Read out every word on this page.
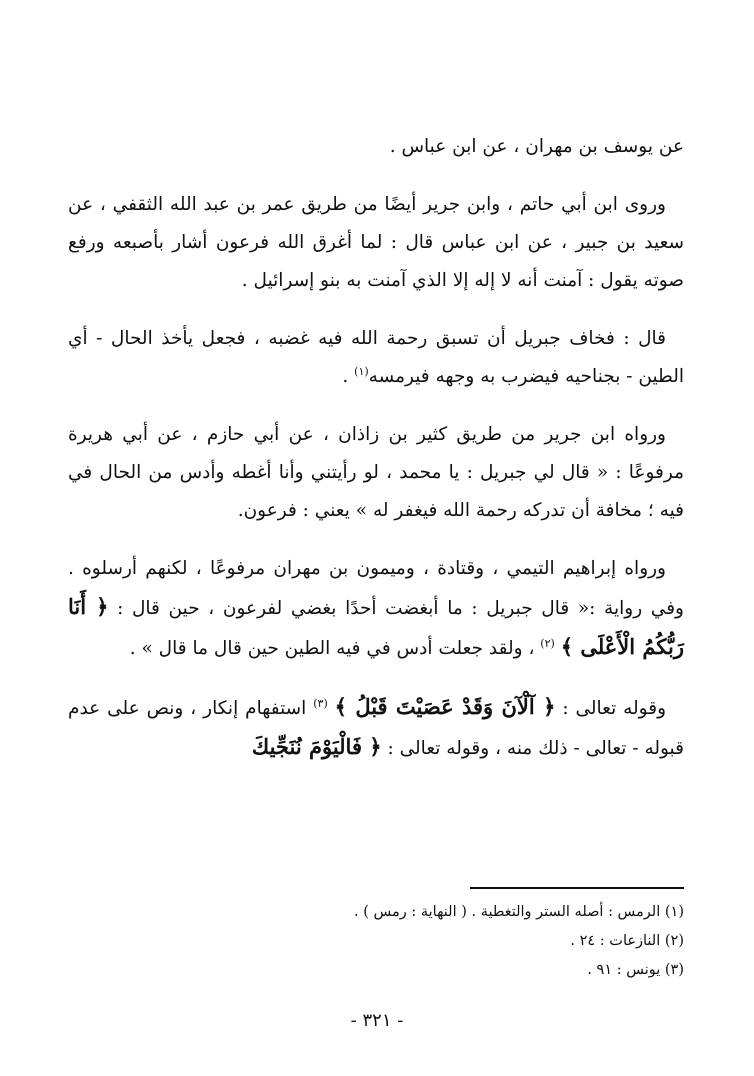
عن يوسف بن مهران ، عن ابن عباس .

وروى ابن أبي حاتم ، وابن جرير أيضًا من طريق عمر بن عبد الله الثقفي ، عن سعيد بن جبير ، عن ابن عباس قال : لما أغرق الله فرعون أشار بأصبعه ورفع صوته يقول : آمنت أنه لا إله إلا الذي آمنت به بنو إسرائيل .

قال : فخاف جبريل أن تسبق رحمة الله فيه غضبه ، فجعل يأخذ الحال - أي الطين - بجناحيه فيضرب به وجهه فيرمسه$^{(١)}$ .

ورواه ابن جرير من طريق كثير بن زاذان ، عن أبي حازم ، عن أبي هريرة مرفوعًا : « قال لي جبريل : يا محمد ، لو رأيتني وأنا أغطه وأدس من الحال في فيه ؛ مخافة أن تدركه رحمة الله فيغفر له » يعني : فرعون.

ورواه إبراهيم التيمي ، وقتادة ، وميمون بن مهران مرفوعًا ، لكنهم أرسلوه . وفي رواية :« قال جبريل : ما أبغضت أحدًا بغضي لفرعون ، حين قال : ﴿ أَنَا رَبُّكُمُ الْأَعْلَى ﴾ $^{(٢)}$ ، ولقد جعلت أدس في فيه الطين حين قال ما قال » .

وقوله تعالى : ﴿ آلْآنَ وَقَدْ عَصَيْتَ قَبْلُ ﴾ $^{(٣)}$ استفهام إنكار ، ونص على عدم قبوله - تعالى - ذلك منه ، وقوله تعالى : ﴿ فَالْيَوْمَ نُنَجِّيكَ

(١) الرمس : أصله الستر والتغطية . ( النهاية : رمس ) .

(٢) النازعات : ٢٤ .

(٣) يونس : ٩١ .

- ٣٢١ -
